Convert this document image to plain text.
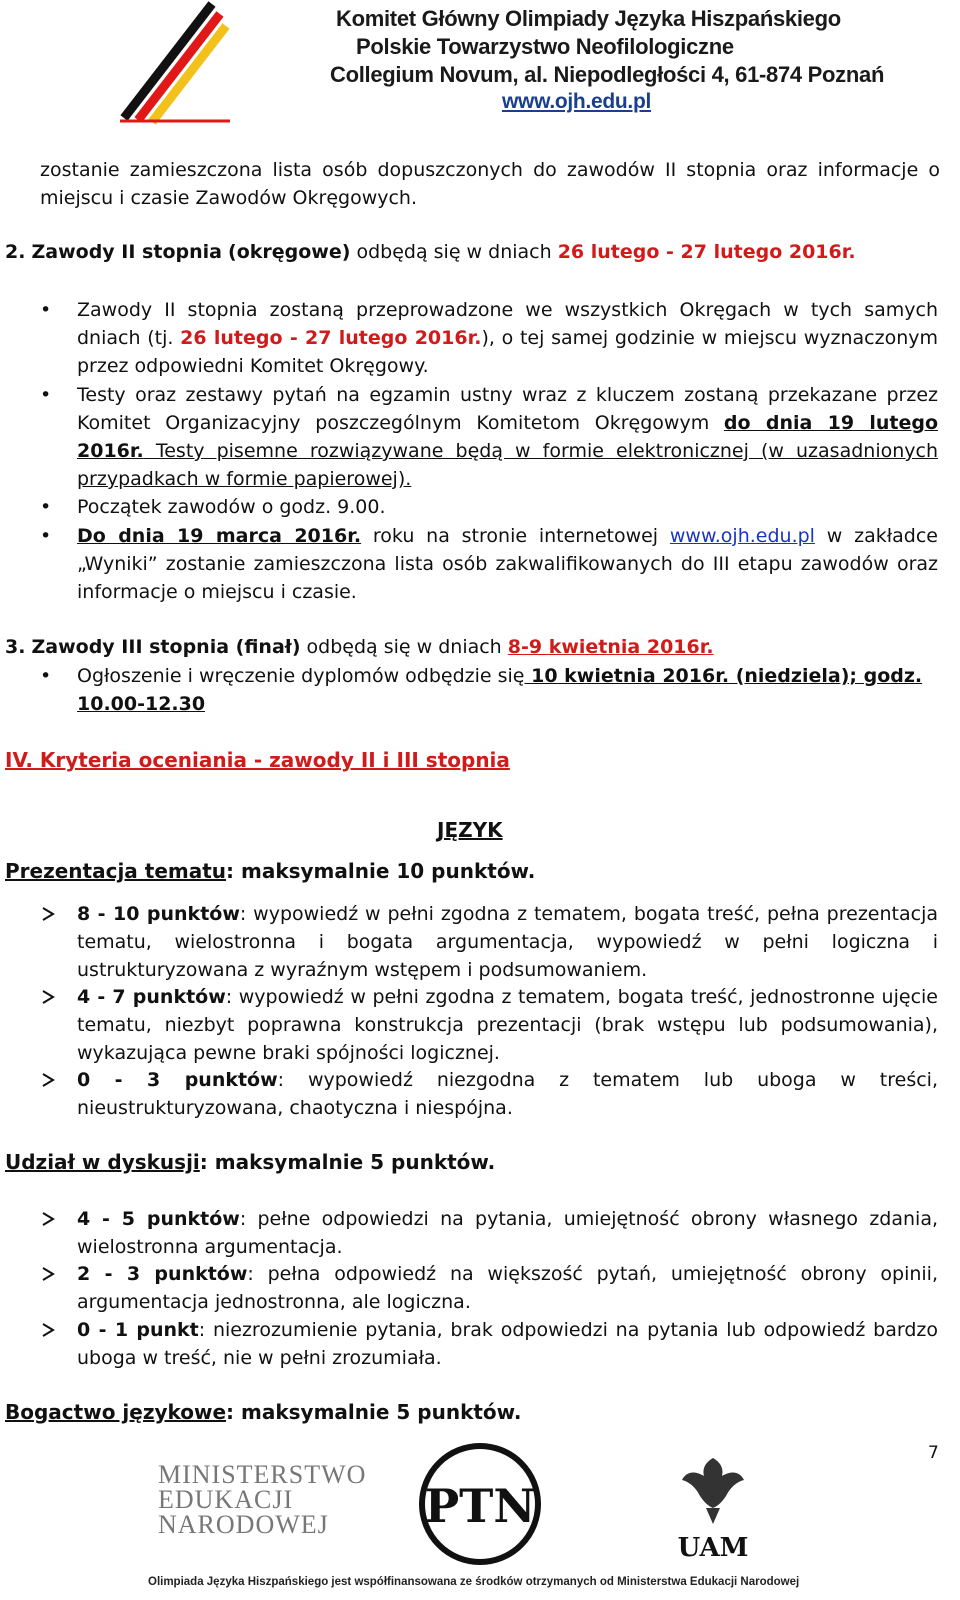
Komitet Główny Olimpiady Języka Hiszpańskiego
Polskie Towarzystwo Neofilologiczne
Collegium Novum, al. Niepodległości 4, 61-874 Poznań
www.ojh.edu.pl
zostanie zamieszczona lista osób dopuszczonych do zawodów II stopnia oraz informacje o miejscu i czasie Zawodów Okręgowych.
2. Zawody II stopnia (okręgowe) odbędą się w dniach 26 lutego - 27 lutego 2016r.
• Zawody II stopnia zostaną przeprowadzone we wszystkich Okręgach w tych samych dniach (tj. 26 lutego - 27 lutego 2016r.), o tej samej godzinie w miejscu wyznaczonym przez odpowiedni Komitet Okręgowy.
• Testy oraz zestawy pytań na egzamin ustny wraz z kluczem zostaną przekazane przez Komitet Organizacyjny poszczególnym Komitetom Okręgowym do dnia 19 lutego 2016r. Testy pisemne rozwiązywane będą w formie elektronicznej (w uzasadnionych przypadkach w formie papierowej).
• Początek zawodów o godz. 9.00.
• Do dnia 19 marca 2016r. roku na stronie internetowej www.ojh.edu.pl w zakładce „Wyniki” zostanie zamieszczona lista osób zakwalifikowanych do III etapu zawodów oraz informacje o miejscu i czasie.
3. Zawody III stopnia (finał) odbędą się w dniach 8-9 kwietnia 2016r.
• Ogłoszenie i wręczenie dyplomów odbędzie się 10 kwietnia 2016r. (niedziela); godz. 10.00-12.30
IV. Kryteria oceniania - zawody II i III stopnia
JĘZYK
Prezentacja tematu: maksymalnie 10 punktów.
8 - 10 punktów: wypowiedź w pełni zgodna z tematem, bogata treść, pełna prezentacja tematu, wielostronna i bogata argumentacja, wypowiedź w pełni logiczna i ustrukturyzowana z wyraźnym wstępem i podsumowaniem.
4 - 7 punktów: wypowiedź w pełni zgodna z tematem, bogata treść, jednostronne ujęcie tematu, niezbyt poprawna konstrukcja prezentacji (brak wstępu lub podsumowania), wykazująca pewne braki spójności logicznej.
0 - 3 punktów: wypowiedź niezgodna z tematem lub uboga w treści, nieustrukturyzowana, chaotyczna i niespójna.
Udział w dyskusji: maksymalnie 5 punktów.
4 - 5 punktów: pełne odpowiedzi na pytania, umiejętność obrony własnego zdania, wielostronna argumentacja.
2 - 3 punktów: pełna odpowiedź na większość pytań, umiejętność obrony opinii, argumentacja jednostronna, ale logiczna.
0 - 1 punkt: niezrozumienie pytania, brak odpowiedzi na pytania lub odpowiedź bardzo uboga w treść, nie w pełni zrozumiała.
Bogactwo językowe: maksymalnie 5 punktów.
7
MINISTERSTWO
EDUKACJI
NARODOWEJ PTN
UAM
Olimpiada Języka Hiszpańskiego jest współfinansowana ze środków otrzymanych od Ministerstwa Edukacji Narodowej
